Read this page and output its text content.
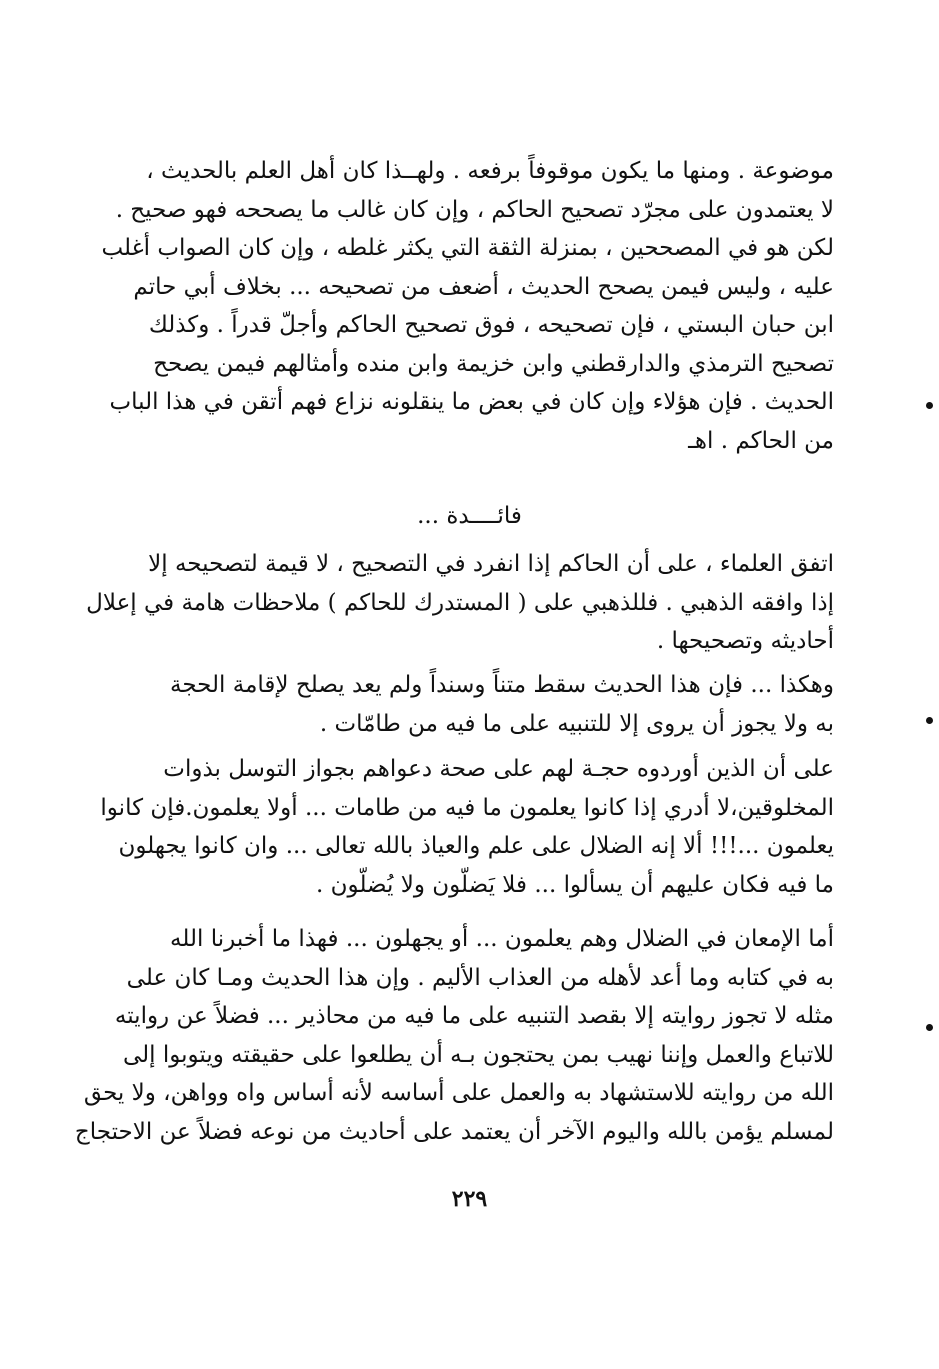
موضوعة . ومنها ما يكون موقوفاً برفعه . ولهــذا كان أهل العلم بالحديث ،
لا يعتمدون على مجرّد تصحيح الحاكم ، وإن كان غالب ما يصححه فهو صحيح .
لكن هو في المصححين ، بمنزلة الثقة التي يكثر غلطه ، وإن كان الصواب أغلب
عليه ، وليس فيمن يصحح الحديث ، أضعف من تصحيحه ... بخلاف أبي حاتم
ابن حبان البستي ، فإن تصحيحه ، فوق تصحيح الحاكم وأجلّ قدراً . وكذلك
تصحيح الترمذي والدارقطني وابن خزيمة وابن منده وأمثالهم فيمن يصحح
الحديث . فإن هؤلاء وإن كان في بعض ما ينقلونه نزاع فهم أتقن في هذا الباب
من الحاكم . اهـ
فائــــدة ...
اتفق العلماء ، على أن الحاكم إذا انفرد في التصحيح ، لا قيمة لتصحيحه إلا
إذا وافقه الذهبي . فللذهبي على ( المستدرك للحاكم ) ملاحظات هامة في إعلال
أحاديثه وتصحيحها .
وهكذا ... فإن هذا الحديث سقط متناً وسنداً ولم يعد يصلح لإقامة الحجة
به ولا يجوز أن يروى إلا للتنبيه على ما فيه من طامّات .
على أن الذين أوردوه حجـة لهم على صحة دعواهم بجواز التوسل بذوات
المخلوقين،لا أدري إذا كانوا يعلمون ما فيه من طامات ... أولا يعلمون.فإن كانوا
يعلمون ...!!! ألا إنه الضلال على علم والعياذ بالله تعالى ... وان كانوا يجهلون
ما فيه فكان عليهم أن يسألوا ... فلا يَضلّون ولا يُضلّون .
أما الإمعان في الضلال وهم يعلمون ... أو يجهلون ... فهذا ما أخبرنا الله
به في كتابه وما أعد لأهله من العذاب الأليم . وإن هذا الحديث ومـا كان على
مثله لا تجوز روايته إلا بقصد التنبيه على ما فيه من محاذير ... فضلاً عن روايته
للاتباع والعمل وإننا نهيب بمن يحتجون بـه أن يطلعوا على حقيقته ويتوبوا إلى
الله من روايته للاستشهاد به والعمل على أساسه لأنه أساس واه وواهن، ولا يحق
لمسلم يؤمن بالله واليوم الآخر أن يعتمد على أحاديث من نوعه فضلاً عن الاحتجاج
٢٢٩
